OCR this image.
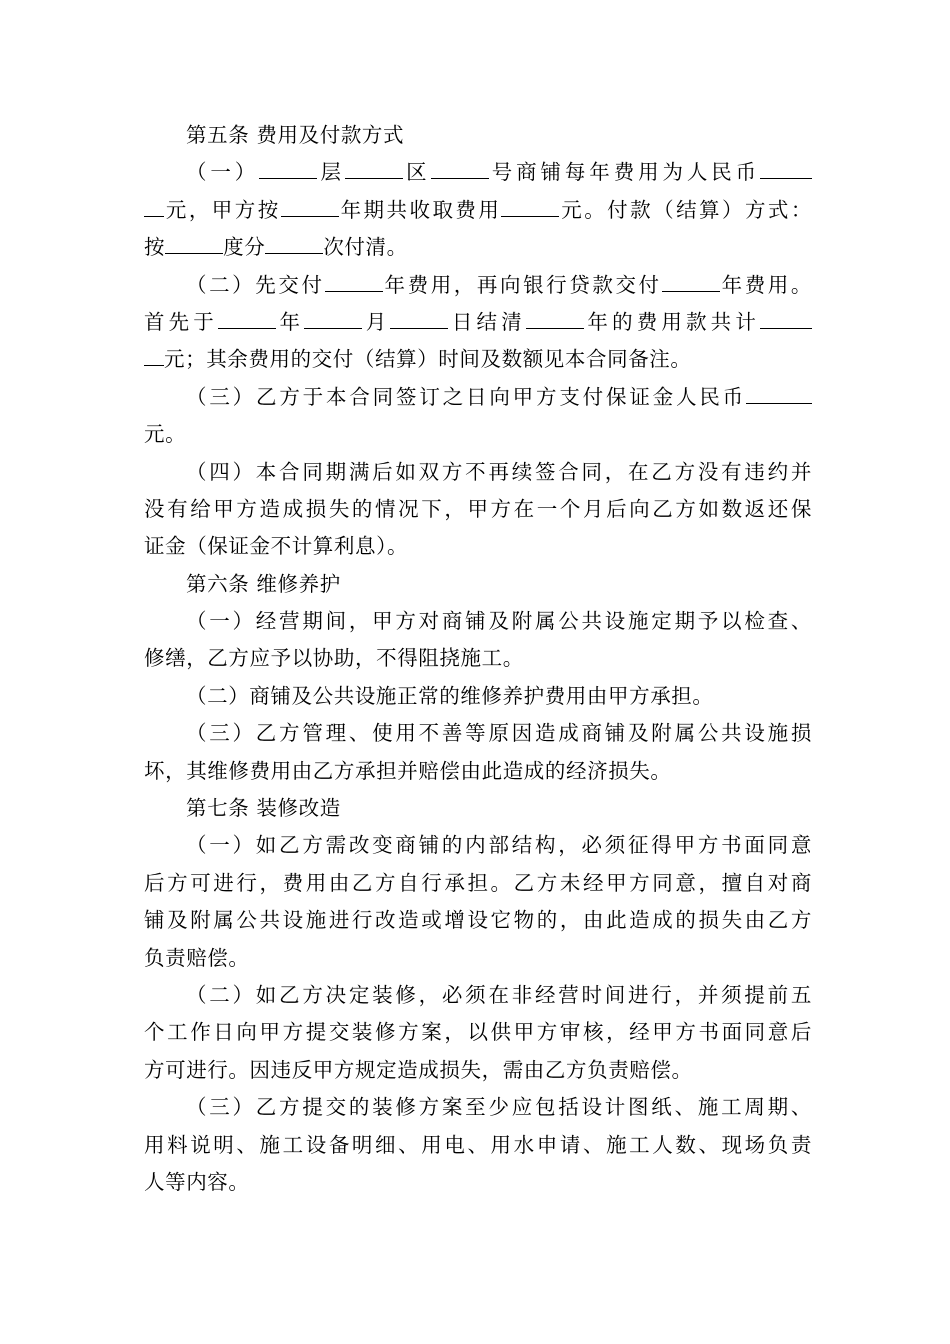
第五条 费用及付款方式
（一）	层	区	号商铺每年费用为人民币
元，甲方按	年期共收取费用	元。付款（结算）方式：
按	度分	次付清。
（二）先交付	年费用，再向银行贷款交付	年费用。
首先于	年	月	日结清	年的费用款共计
元；其余费用的交付（结算）时间及数额见本合同备注。
（三）乙方于本合同签订之日向甲方支付保证金人民币
元。
（四）本合同期满后如双方不再续签合同，在乙方没有违约并
没有给甲方造成损失的情况下，甲方在一个月后向乙方如数返还保
证金（保证金不计算利息）。
第六条 维修养护
（一）经营期间，甲方对商铺及附属公共设施定期予以检查、
修缮，乙方应予以协助，不得阻挠施工。
（二）商铺及公共设施正常的维修养护费用由甲方承担。
（三）乙方管理、使用不善等原因造成商铺及附属公共设施损
坏，其维修费用由乙方承担并赔偿由此造成的经济损失。
第七条 装修改造
（一）如乙方需改变商铺的内部结构，必须征得甲方书面同意
后方可进行，费用由乙方自行承担。乙方未经甲方同意，擅自对商
铺及附属公共设施进行改造或增设它物的，由此造成的损失由乙方
负责赔偿。
（二）如乙方决定装修，必须在非经营时间进行，并须提前五
个工作日向甲方提交装修方案，以供甲方审核，经甲方书面同意后
方可进行。因违反甲方规定造成损失，需由乙方负责赔偿。
（三）乙方提交的装修方案至少应包括设计图纸、施工周期、
用料说明、施工设备明细、用电、用水申请、施工人数、现场负责
人等内容。
